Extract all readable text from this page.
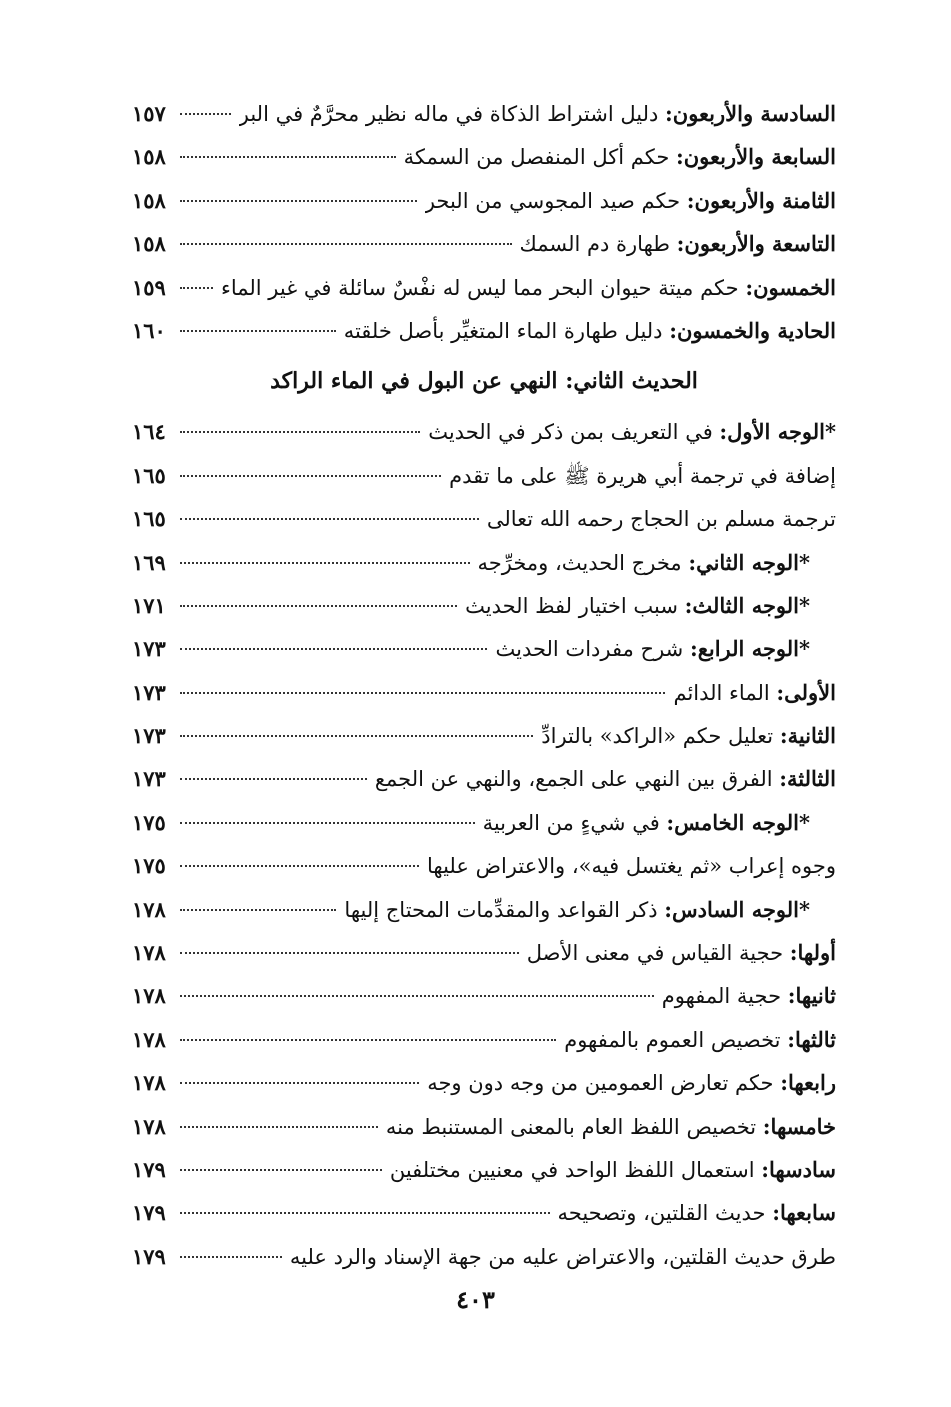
السادسة والأربعون: دليل اشتراط الذكاة في ماله نظير محرَّمٌ في البر
١٥٧
السابعة والأربعون: حكم أكل المنفصل من السمكة
١٥٨
الثامنة والأربعون: حكم صيد المجوسي من البحر
١٥٨
التاسعة والأربعون: طهارة دم السمك
١٥٨
الخمسون: حكم ميتة حيوان البحر مما ليس له نفْسٌ سائلة في غير الماء
١٥٩
الحادية والخمسون: دليل طهارة الماء المتغيِّر بأصل خلقته
١٦٠
الحديث الثاني: النهي عن البول في الماء الراكد
*الوجه الأول: في التعريف بمن ذكر في الحديث
١٦٤
إضافة في ترجمة أبي هريرة ﷺ على ما تقدم
١٦٥
ترجمة مسلم بن الحجاج رحمه الله تعالى
١٦٥
*الوجه الثاني: مخرج الحديث، ومخرِّجه
١٦٩
*الوجه الثالث: سبب اختيار لفظ الحديث
١٧١
*الوجه الرابع: شرح مفردات الحديث
١٧٣
الأولى: الماء الدائم
١٧٣
الثانية: تعليل حكم «الراكد» بالترادِّ
١٧٣
الثالثة: الفرق بين النهي على الجمع، والنهي عن الجمع
١٧٣
*الوجه الخامس: في شيءٍ من العربية
١٧٥
وجوه إعراب «ثم يغتسل فيه»، والاعتراض عليها
١٧٥
*الوجه السادس: ذكر القواعد والمقدِّمات المحتاج إليها
١٧٨
أولها: حجية القياس في معنى الأصل
١٧٨
ثانيها: حجية المفهوم
١٧٨
ثالثها: تخصيص العموم بالمفهوم
١٧٨
رابعها: حكم تعارض العمومين من وجه دون وجه
١٧٨
خامسها: تخصيص اللفظ العام بالمعنى المستنبط منه
١٧٨
سادسها: استعمال اللفظ الواحد في معنيين مختلفين
١٧٩
سابعها: حديث القلتين، وتصحيحه
١٧٩
طرق حديث القلتين، والاعتراض عليه من جهة الإسناد والرد عليه
١٧٩
٤٠٣
